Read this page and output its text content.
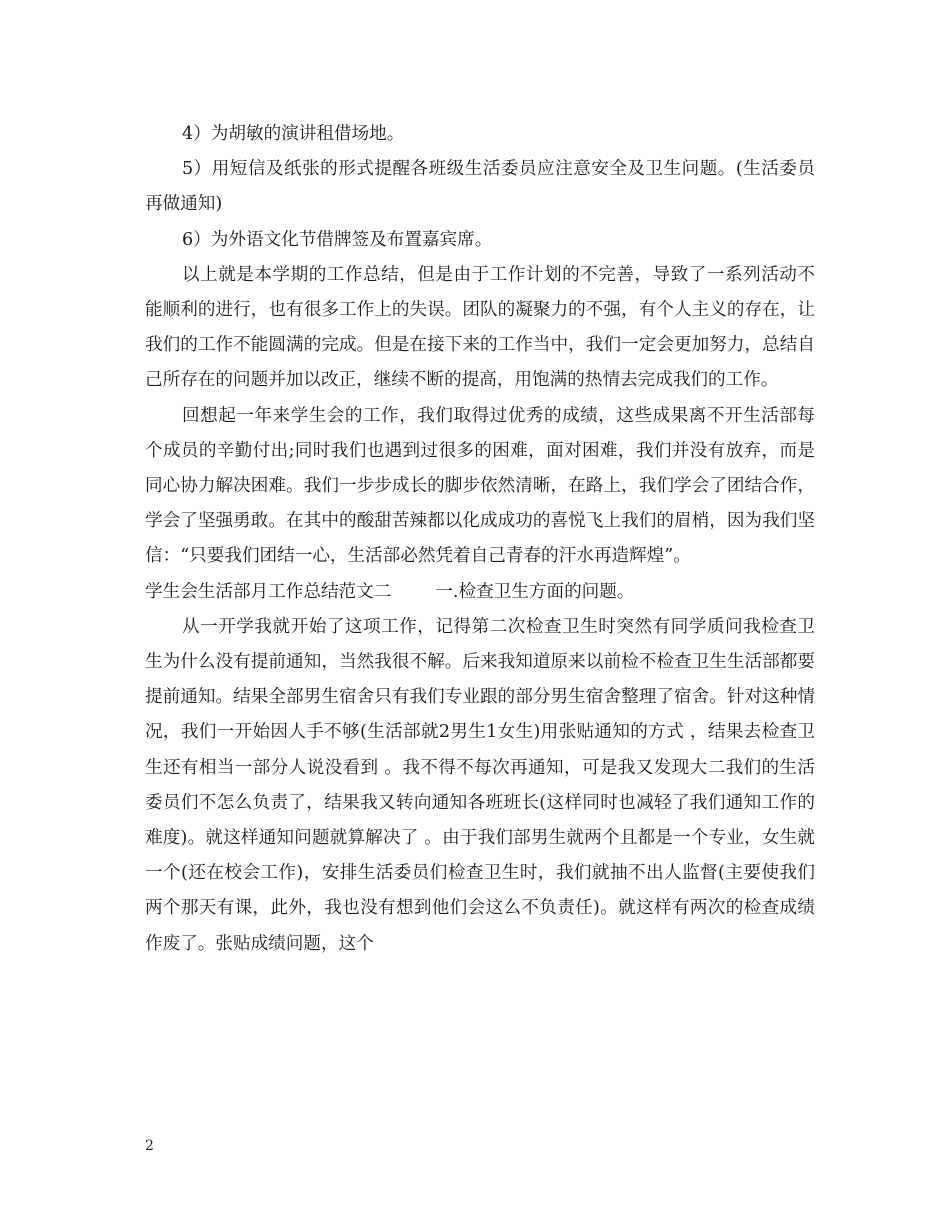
4）为胡敏的演讲租借场地。

5）用短信及纸张的形式提醒各班级生活委员应注意安全及卫生问题。(生活委员再做通知)

6）为外语文化节借牌签及布置嘉宾席。

以上就是本学期的工作总结，但是由于工作计划的不完善，导致了一系列活动不能顺利的进行，也有很多工作上的失误。团队的凝聚力的不强，有个人主义的存在，让我们的工作不能圆满的完成。但是在接下来的工作当中，我们一定会更加努力，总结自己所存在的问题并加以改正，继续不断的提高，用饱满的热情去完成我们的工作。

回想起一年来学生会的工作，我们取得过优秀的成绩，这些成果离不开生活部每个成员的辛勤付出;同时我们也遇到过很多的困难，面对困难，我们并没有放弃，而是同心协力解决困难。我们一步步成长的脚步依然清晰，在路上，我们学会了团结合作，学会了坚强勇敢。在其中的酸甜苦辣都以化成成功的喜悦飞上我们的眉梢，因为我们坚信：“只要我们团结一心，生活部必然凭着自己青春的汗水再造辉煌”。

学生会生活部月工作总结范文二	一.检查卫生方面的问题。

从一开学我就开始了这项工作，记得第二次检查卫生时突然有同学质问我检查卫生为什么没有提前通知，当然我很不解。后来我知道原来以前检不检查卫生生活部都要提前通知。结果全部男生宿舍只有我们专业跟的部分男生宿舍整理了宿舍。针对这种情况，我们一开始因人手不够(生活部就2男生1女生)用张贴通知的方式 ，结果去检查卫生还有相当一部分人说没看到 。我不得不每次再通知，可是我又发现大二我们的生活委员们不怎么负责了，结果我又转向通知各班班长(这样同时也减轻了我们通知工作的难度)。就这样通知问题就算解决了 。由于我们部男生就两个且都是一个专业，女生就一个(还在校会工作)，安排生活委员们检查卫生时，我们就抽不出人监督(主要使我们两个那天有课，此外，我也没有想到他们会这么不负责任)。就这样有两次的检查成绩作废了。张贴成绩问题，这个

2
